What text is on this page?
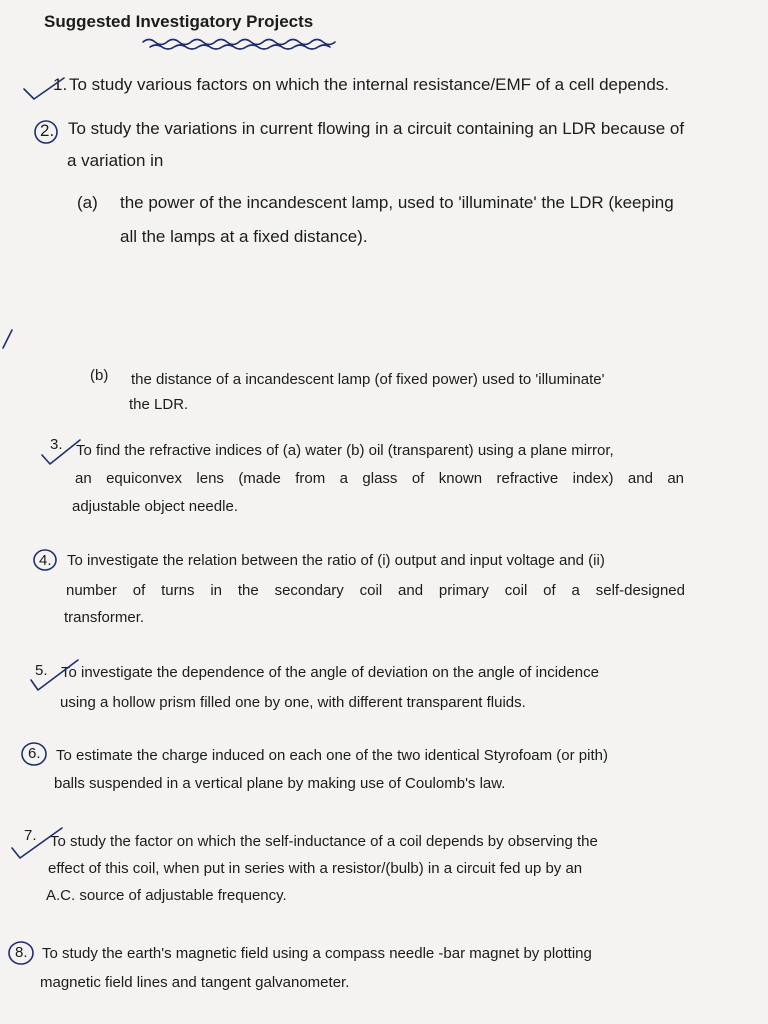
Suggested Investigatory Projects
1. To study various factors on which the internal resistance/EMF of a cell depends.
2. To study the variations in current flowing in a circuit containing an LDR because of
a variation in
(a) the power of the incandescent lamp, used to 'illuminate' the LDR (keeping
all the lamps at a fixed distance).
(b) the distance of a incandescent lamp (of fixed power) used to 'illuminate'
the LDR.
3. To find the refractive indices of (a) water (b) oil (transparent) using a plane mirror,
an equiconvex lens (made from a glass of known refractive index) and an
adjustable object needle.
4. To investigate the relation between the ratio of (i) output and input voltage and (ii)
number of turns in the secondary coil and primary coil of a self-designed
transformer.
5. To investigate the dependence of the angle of deviation on the angle of incidence
using a hollow prism filled one by one, with different transparent fluids.
6. To estimate the charge induced on each one of the two identical Styrofoam (or pith)
balls suspended in a vertical plane by making use of Coulomb's law.
7. To study the factor on which the self-inductance of a coil depends by observing the
effect of this coil, when put in series with a resistor/(bulb) in a circuit fed up by an
A.C. source of adjustable frequency.
8. To study the earth's magnetic field using a compass needle -bar magnet by plotting
magnetic field lines and tangent galvanometer.
